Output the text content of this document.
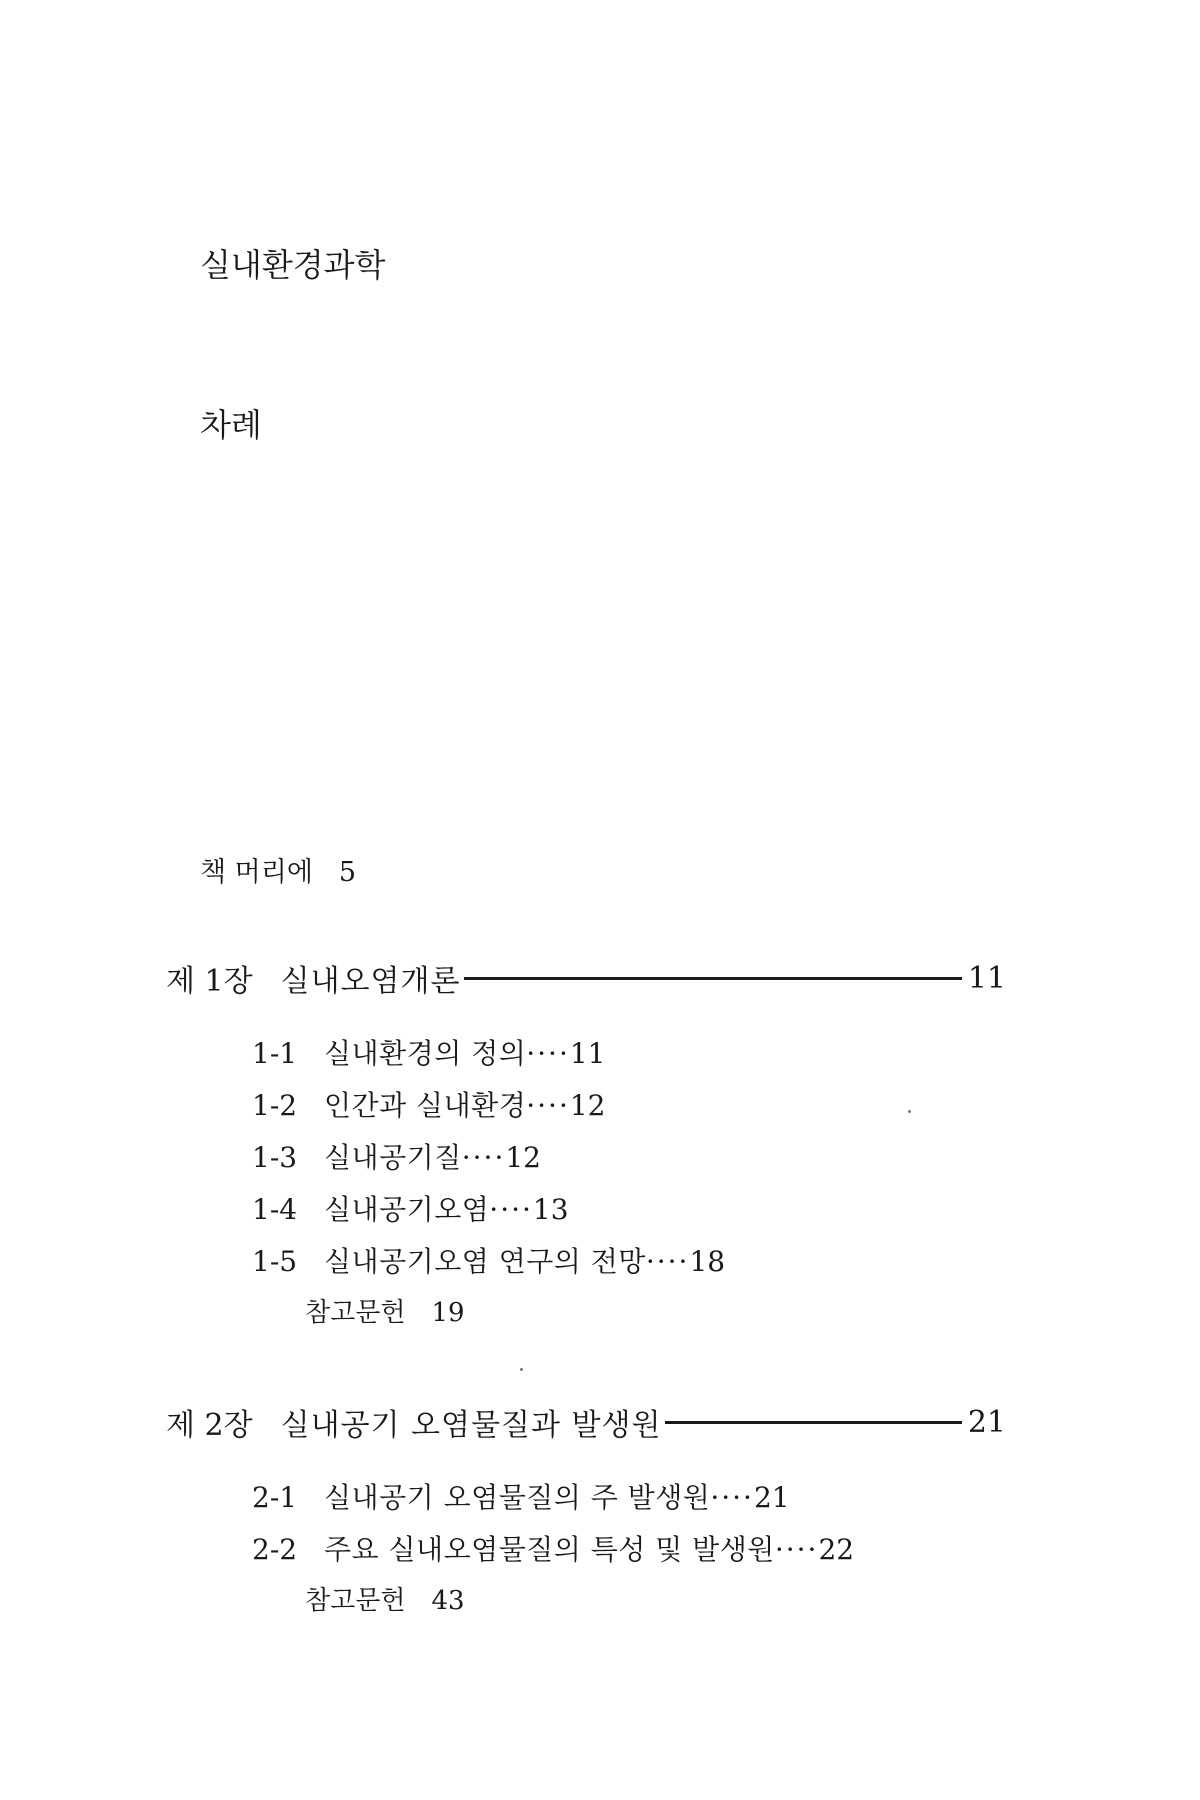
실내환경과학
차례
책 머리에 5
제 1장 실내오염개론	11
1-1 실내환경의 정의····11
1-2 인간과 실내환경····12
1-3 실내공기질····12
1-4 실내공기오염····13
1-5 실내공기오염 연구의 전망····18
참고문헌 19
제 2장 실내공기 오염물질과 발생원	21
2-1 실내공기 오염물질의 주 발생원····21
2-2 주요 실내오염물질의 특성 및 발생원····22
참고문헌 43
